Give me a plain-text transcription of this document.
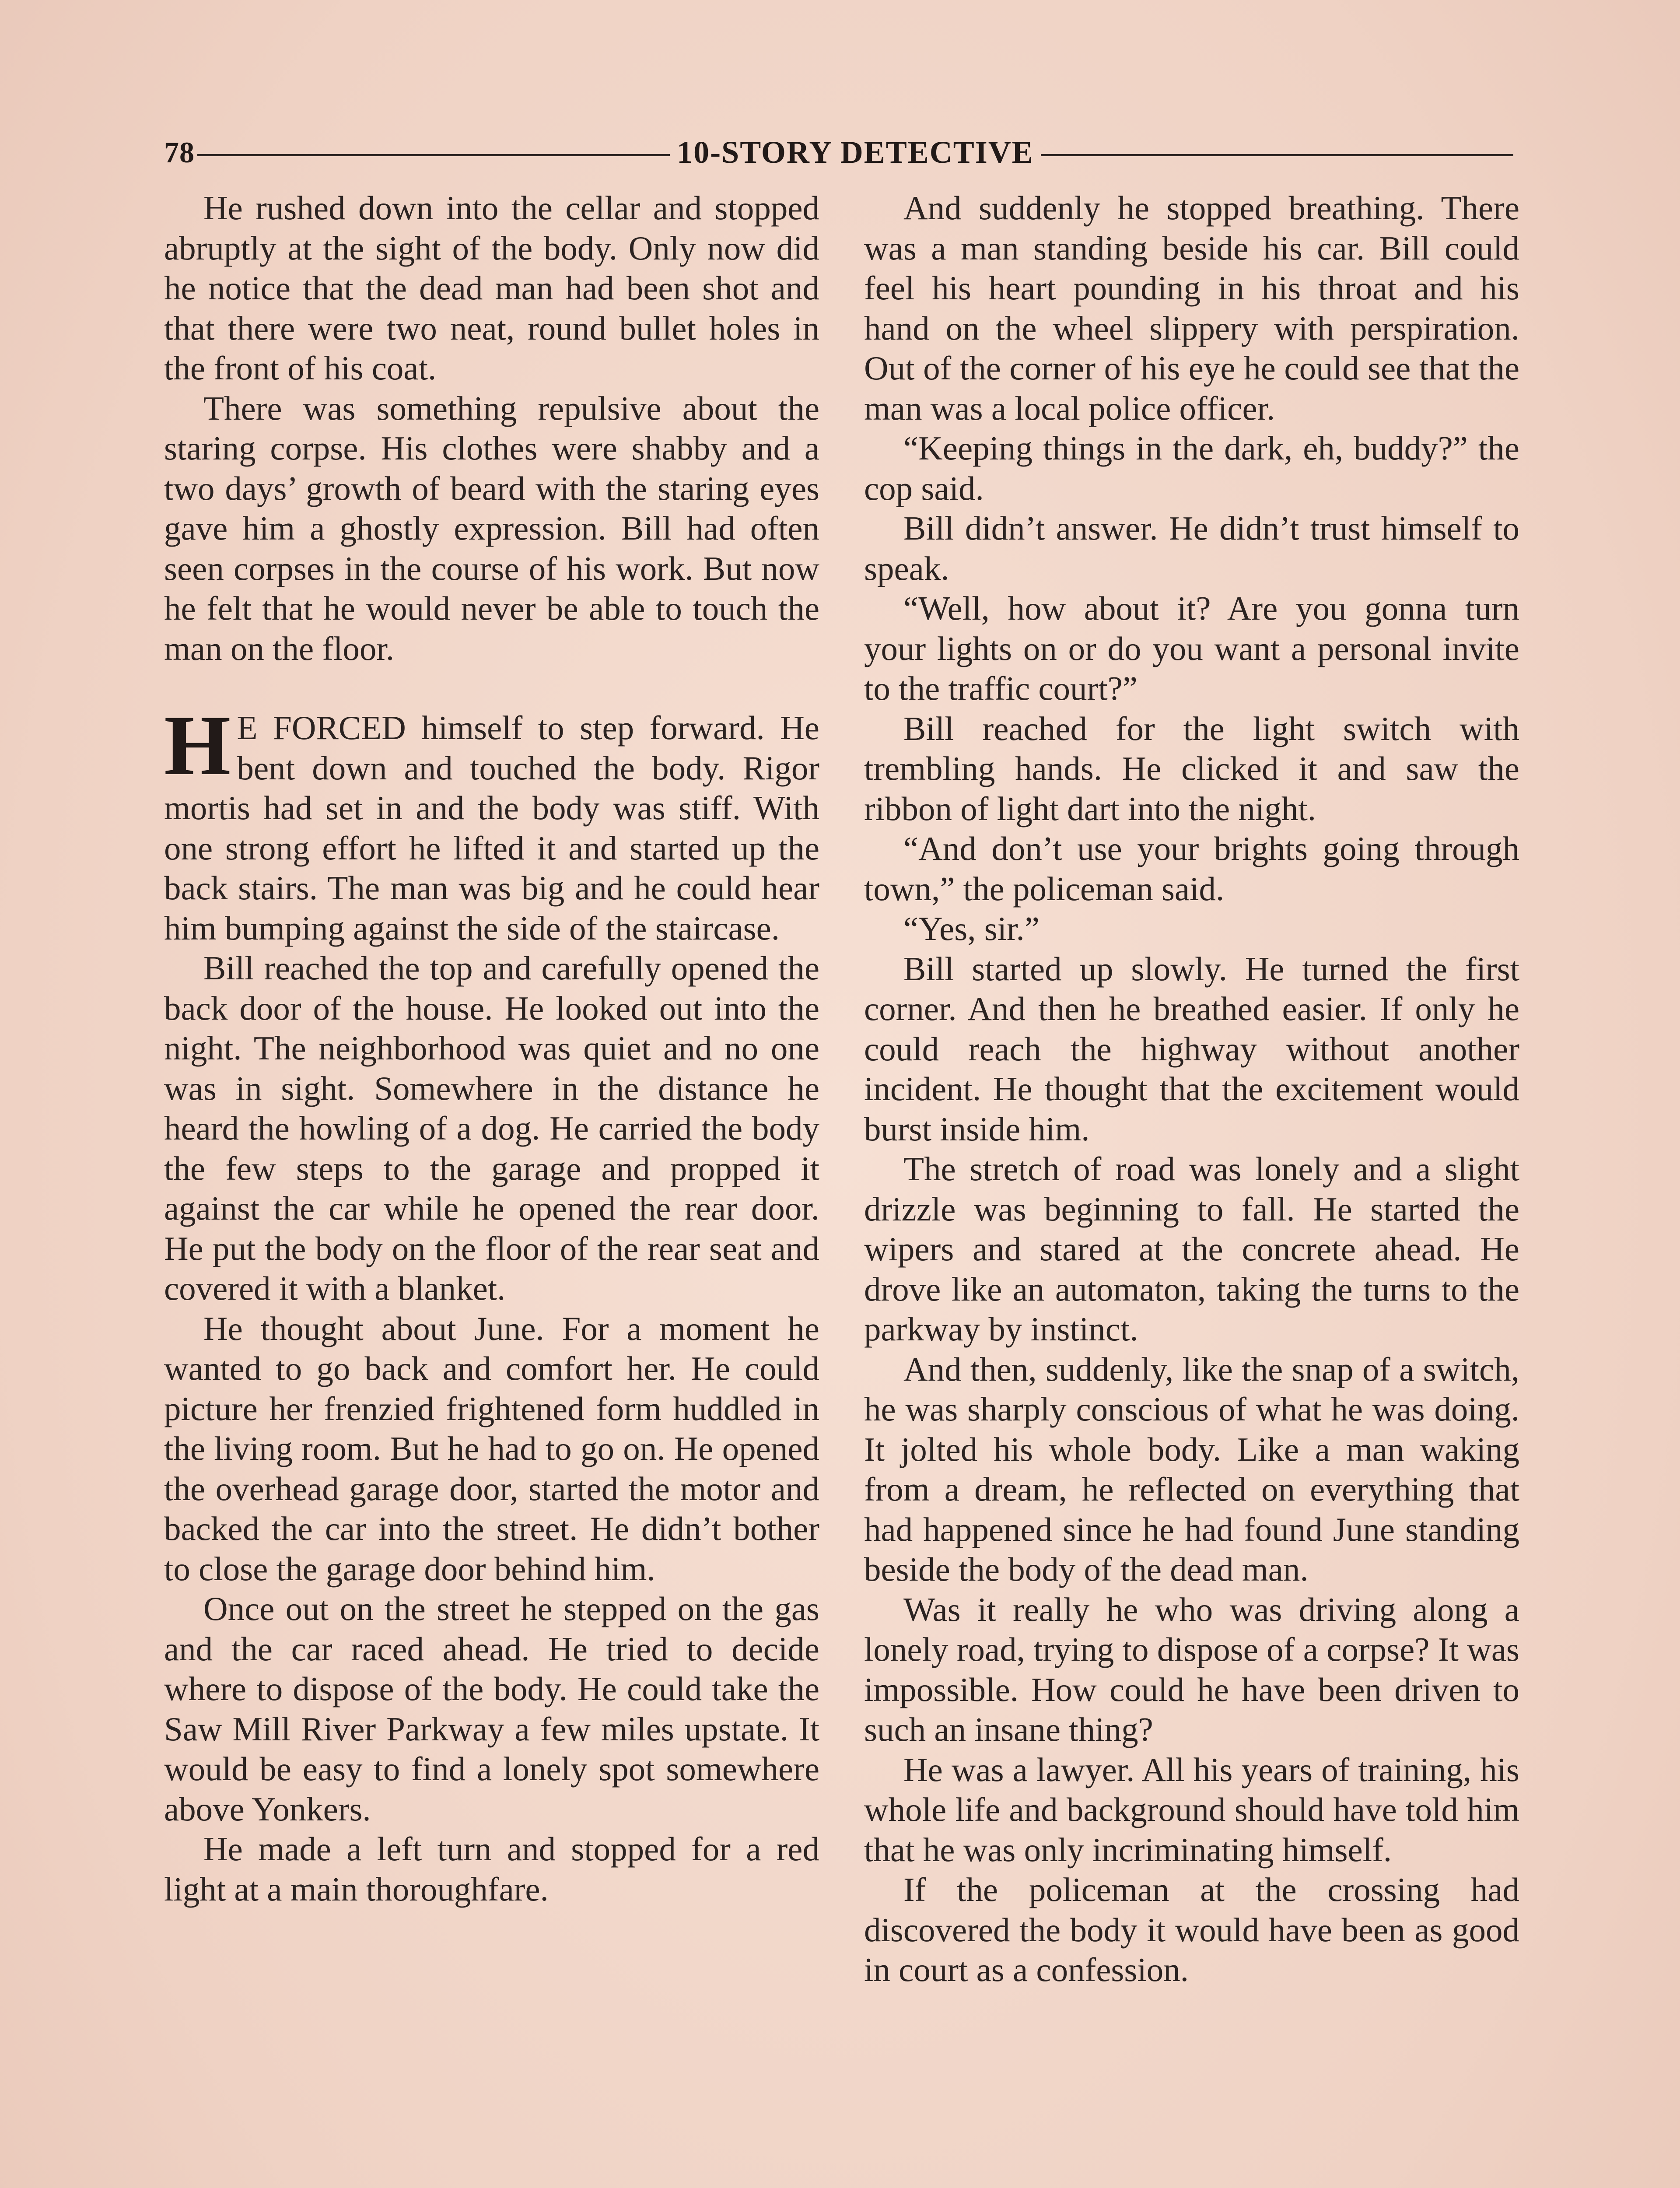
78	10-STORY DETECTIVE

He rushed down into the cellar and stopped abruptly at the sight of the body. Only now did he notice that the dead man had been shot and that there were two neat, round bullet holes in the front of his coat.

There was something repulsive about the staring corpse. His clothes were shabby and a two days’ growth of beard with the staring eyes gave him a ghostly expression. Bill had often seen corpses in the course of his work. But now he felt that he would never be able to touch the man on the floor.

H E FORCED himself to step forward. He bent down and touched the body. Rigor mortis had set in and the body was stiff. With one strong effort he lifted it and started up the back stairs. The man was big and he could hear him bumping against the side of the staircase.

Bill reached the top and carefully opened the back door of the house. He looked out into the night. The neighborhood was quiet and no one was in sight. Somewhere in the distance he heard the howling of a dog. He carried the body the few steps to the garage and propped it against the car while he opened the rear door. He put the body on the floor of the rear seat and covered it with a blanket.

He thought about June. For a moment he wanted to go back and comfort her. He could picture her frenzied frightened form huddled in the living room. But he had to go on. He opened the overhead garage door, started the motor and backed the car into the street. He didn’t bother to close the garage door behind him.

Once out on the street he stepped on the gas and the car raced ahead. He tried to decide where to dispose of the body. He could take the Saw Mill River Parkway a few miles upstate. It would be easy to find a lonely spot somewhere above Yonkers.

He made a left turn and stopped for a red light at a main thoroughfare.

And suddenly he stopped breathing. There was a man standing beside his car. Bill could feel his heart pounding in his throat and his hand on the wheel slippery with perspiration. Out of the corner of his eye he could see that the man was a local police officer.

“Keeping things in the dark, eh, buddy?” the cop said.

Bill didn’t answer. He didn’t trust himself to speak.

“Well, how about it? Are you gonna turn your lights on or do you want a personal invite to the traffic court?”

Bill reached for the light switch with trembling hands. He clicked it and saw the ribbon of light dart into the night.

“And don’t use your brights going through town,” the policeman said.

“Yes, sir.”

Bill started up slowly. He turned the first corner. And then he breathed easier. If only he could reach the highway without another incident. He thought that the excitement would burst inside him.

The stretch of road was lonely and a slight drizzle was beginning to fall. He started the wipers and stared at the concrete ahead. He drove like an automaton, taking the turns to the parkway by instinct.

And then, suddenly, like the snap of a switch, he was sharply conscious of what he was doing. It jolted his whole body. Like a man waking from a dream, he reflected on everything that had happened since he had found June standing beside the body of the dead man.

Was it really he who was driving along a lonely road, trying to dispose of a corpse? It was impossible. How could he have been driven to such an insane thing?

He was a lawyer. All his years of training, his whole life and background should have told him that he was only incriminating himself.

If the policeman at the crossing had discovered the body it would have been as good in court as a confession.
